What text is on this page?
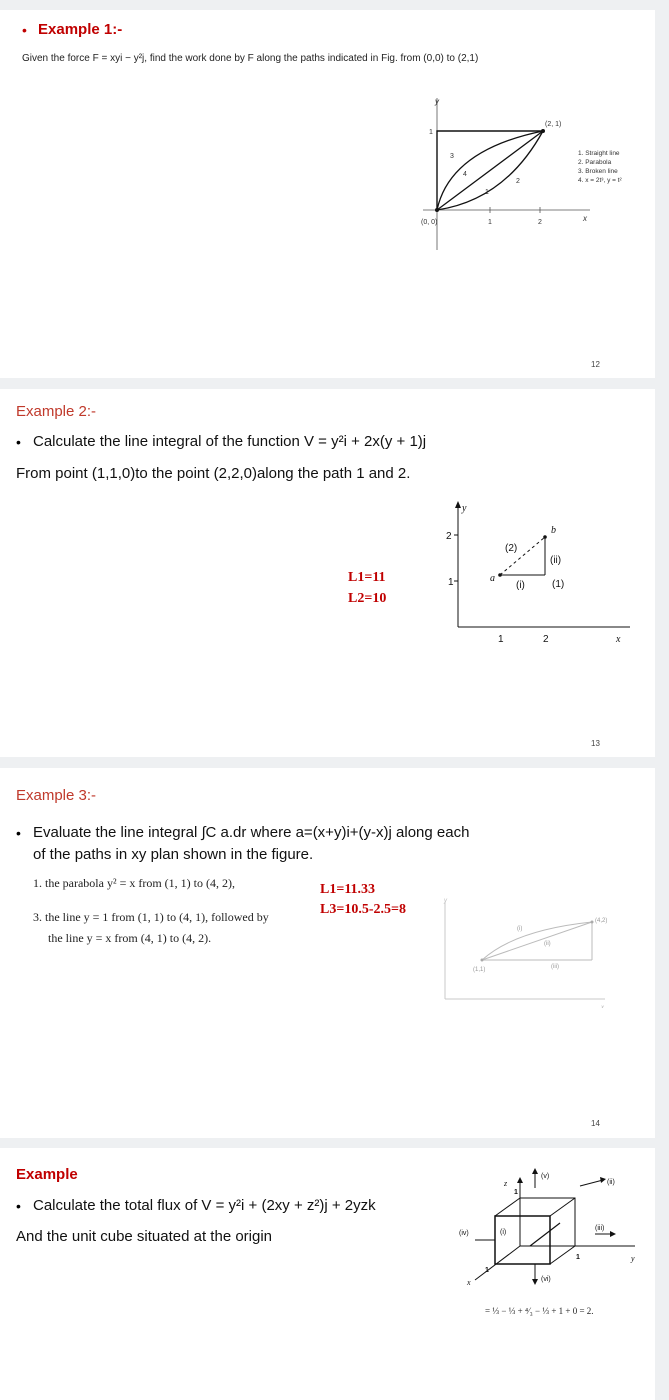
• Example 1:-
Given the force F = xyi − y²j, find the work done by F along the paths indicated in Fig. from (0,0) to (2,1)
y
x
(0, 0)
(2, 1)
1
1	2
1
2
3
4
1. Straight line
2. Parabola
3. Broken line
4. x = 2t³, y = t²
12
Example 2:-
• Calculate the line integral of the function V = y²i + 2x(y + 1)j
From point (1,1,0)to the point (2,2,0)along the path 1 and 2.
L1=11
L2=10
y
x
2
1
1	2
a
b
(2)
(ii)
(i)	(1)
13
Example 3:-
• Evaluate the line integral ∫C a.dr where a=(x+y)i+(y-x)j along each
of the paths in xy plan shown in the figure.
1. the parabola y² = x from (1, 1) to (4, 2),
3. the line y = 1 from (1, 1) to (4, 1), followed by
the line y = x from (4, 1) to (4, 2).
L1=11.33
L3=10.5-2.5=8
y
x
(1,1)
(4,2)
(i)
(ii)
(iii)
14
Example
• Calculate the total flux of V = y²i + (2xy + z²)j + 2yzk
And the unit cube situated at the origin
z
x
y
1
1
1
(i)
(ii)
(iii)
(iv)
(v)
(vi)
= ⅓ − ⅓ + ⁴⁄₃ − ⅓ + 1 + 0 = 2.
